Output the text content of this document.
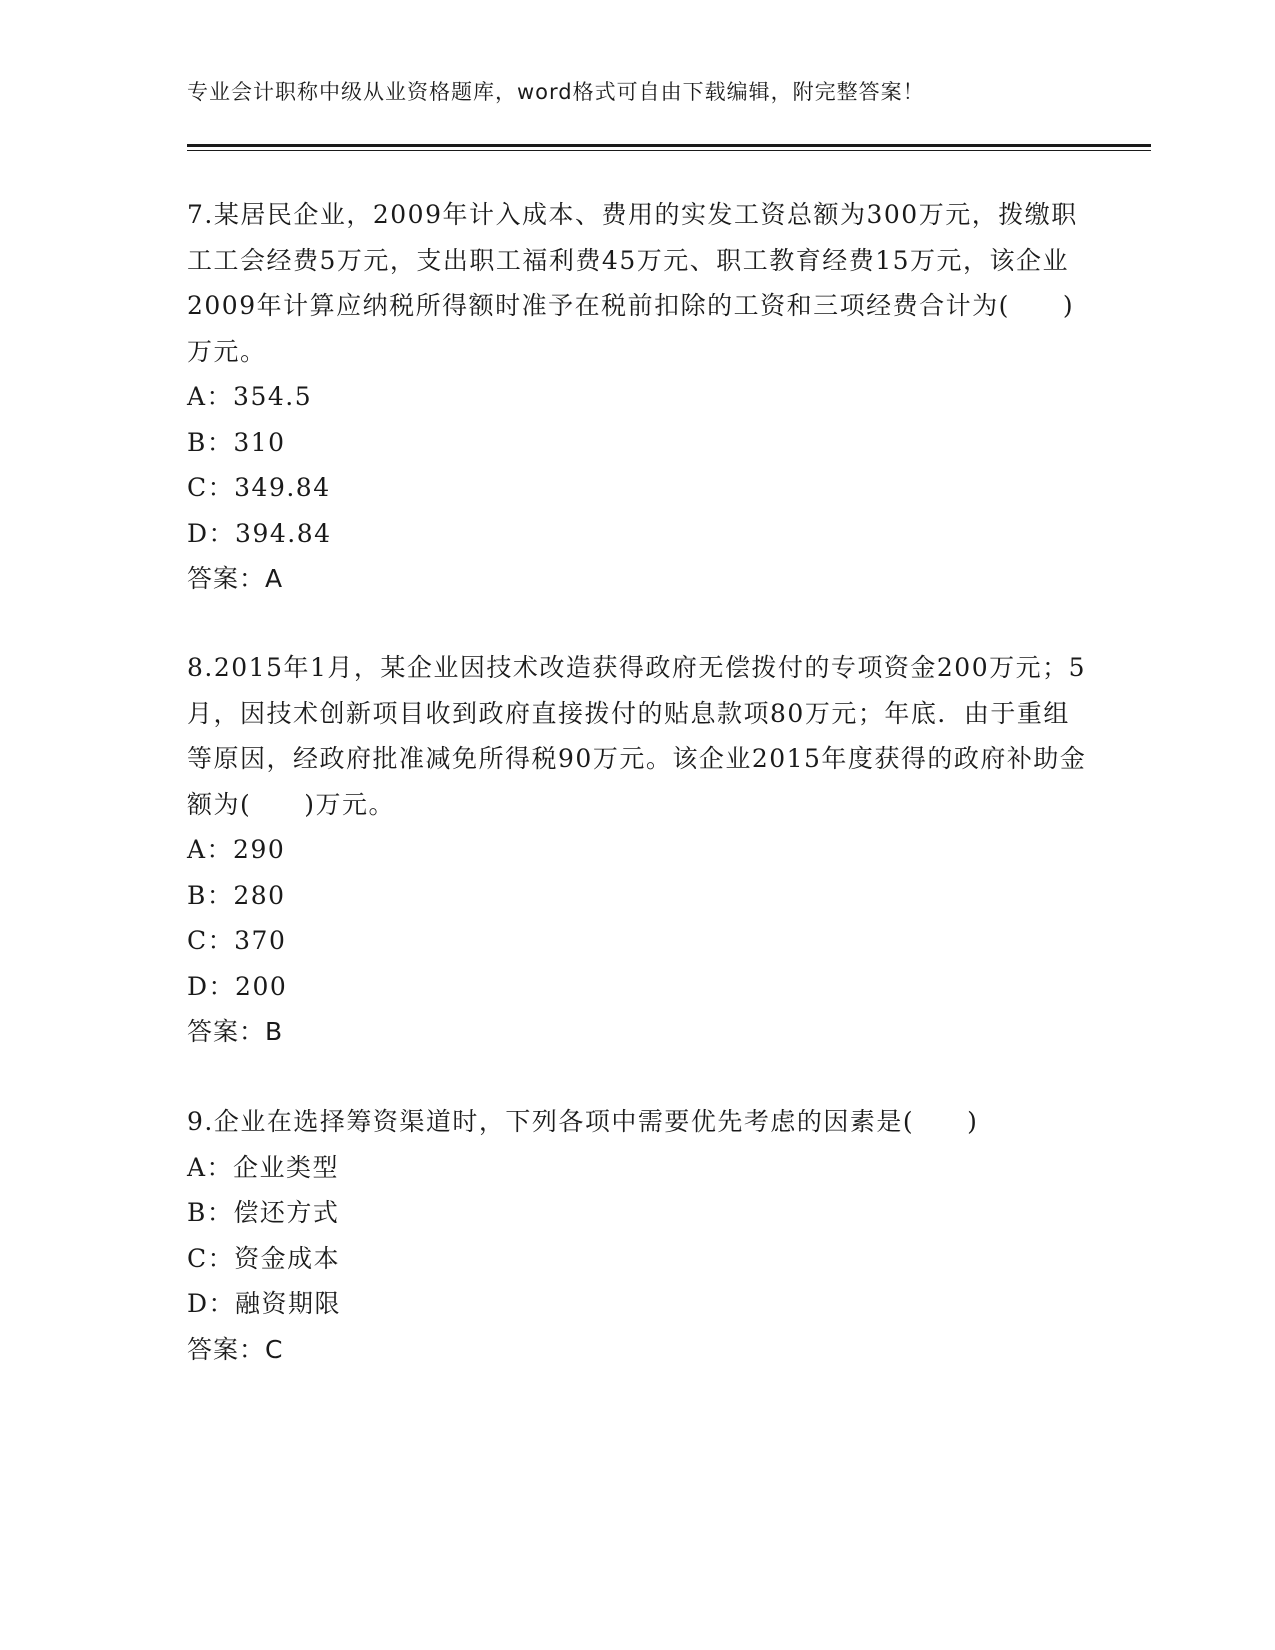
专业会计职称中级从业资格题库，word格式可自由下载编辑，附完整答案！

7.某居民企业，2009年计入成本、费用的实发工资总额为300万元，拨缴职工工会经费5万元，支出职工福利费45万元、职工教育经费15万元，该企业2009年计算应纳税所得额时准予在税前扣除的工资和三项经费合计为(　　)万元。

A：354.5
B：310
C：349.84
D：394.84
答案：A

8.2015年1月，某企业因技术改造获得政府无偿拨付的专项资金200万元；5月，因技术创新项目收到政府直接拨付的贴息款项80万元；年底．由于重组等原因，经政府批准减免所得税90万元。该企业2015年度获得的政府补助金额为(　　)万元。

A：290
B：280
C：370
D：200
答案：B

9.企业在选择筹资渠道时，下列各项中需要优先考虑的因素是(　　)

A：企业类型
B：偿还方式
C：资金成本
D：融资期限
答案：C
